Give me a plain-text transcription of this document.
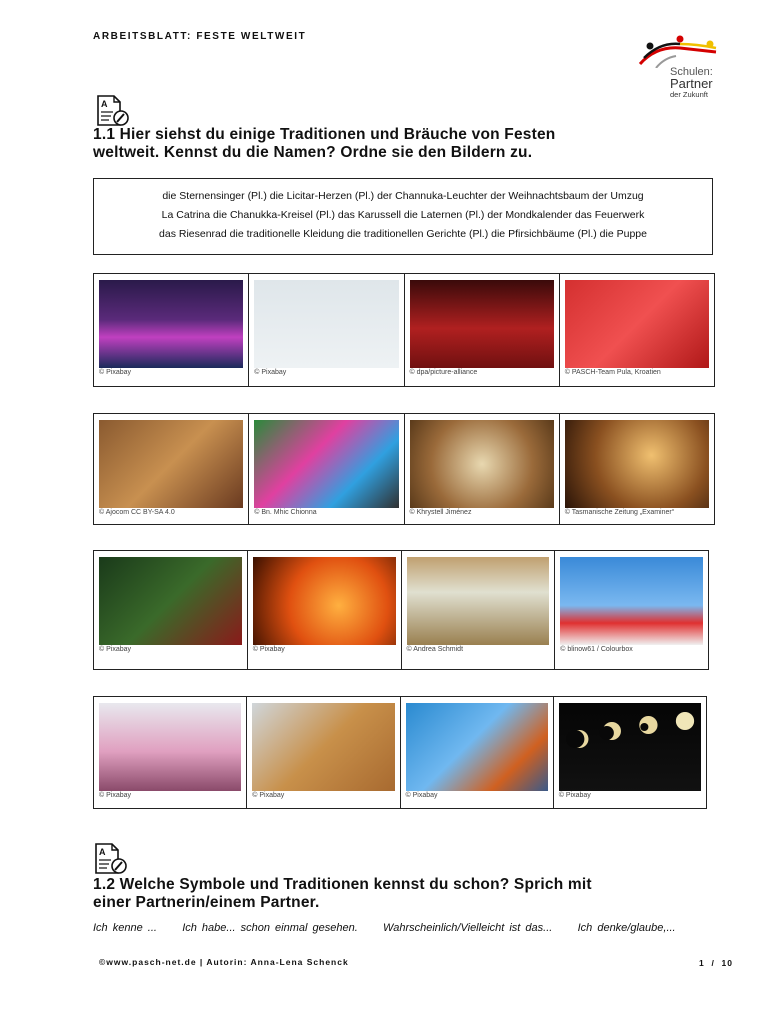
ARBEITSBLATT: FESTE WELTWEIT
Schulen:
Partner
der Zukunft
A
1.1 Hier siehst du einige Traditionen und Bräuche von Festen
weltweit. Kennst du die Namen? Ordne sie den Bildern zu.
die Sternensinger (Pl.) die Licitar-Herzen (Pl.) der Channuka-Leuchter der Weihnachtsbaum der Umzug
La Catrina die Chanukka-Kreisel (Pl.) das Karussell die Laternen (Pl.) der Mondkalender das Feuerwerk
das Riesenrad die traditionelle Kleidung die traditionellen Gerichte (Pl.) die Pfirsichbäume (Pl.) die Puppe
© Pixabay	© Pixabay	© dpa/picture-alliance	© PASCH-Team Pula, Kroatien
© Ajocom CC BY-SA 4.0	© Bn. Mhic Chionna	© Khrystell Jiménez	© Tasmanische Zeitung „Examiner“
© Pixabay	© Pixabay	© Andrea Schmidt	© blinow61 / Colourbox
© Pixabay	© Pixabay	© Pixabay	© Pixabay
A
1.2 Welche Symbole und Traditionen kennst du schon? Sprich mit
einer Partnerin/einem Partner.
Ich kenne ...     Ich habe... schon einmal gesehen.     Wahrscheinlich/Vielleicht ist das...     Ich denke/glaube,...
©www.pasch-net.de | Autorin: Anna-Lena Schenck	1  /  10
